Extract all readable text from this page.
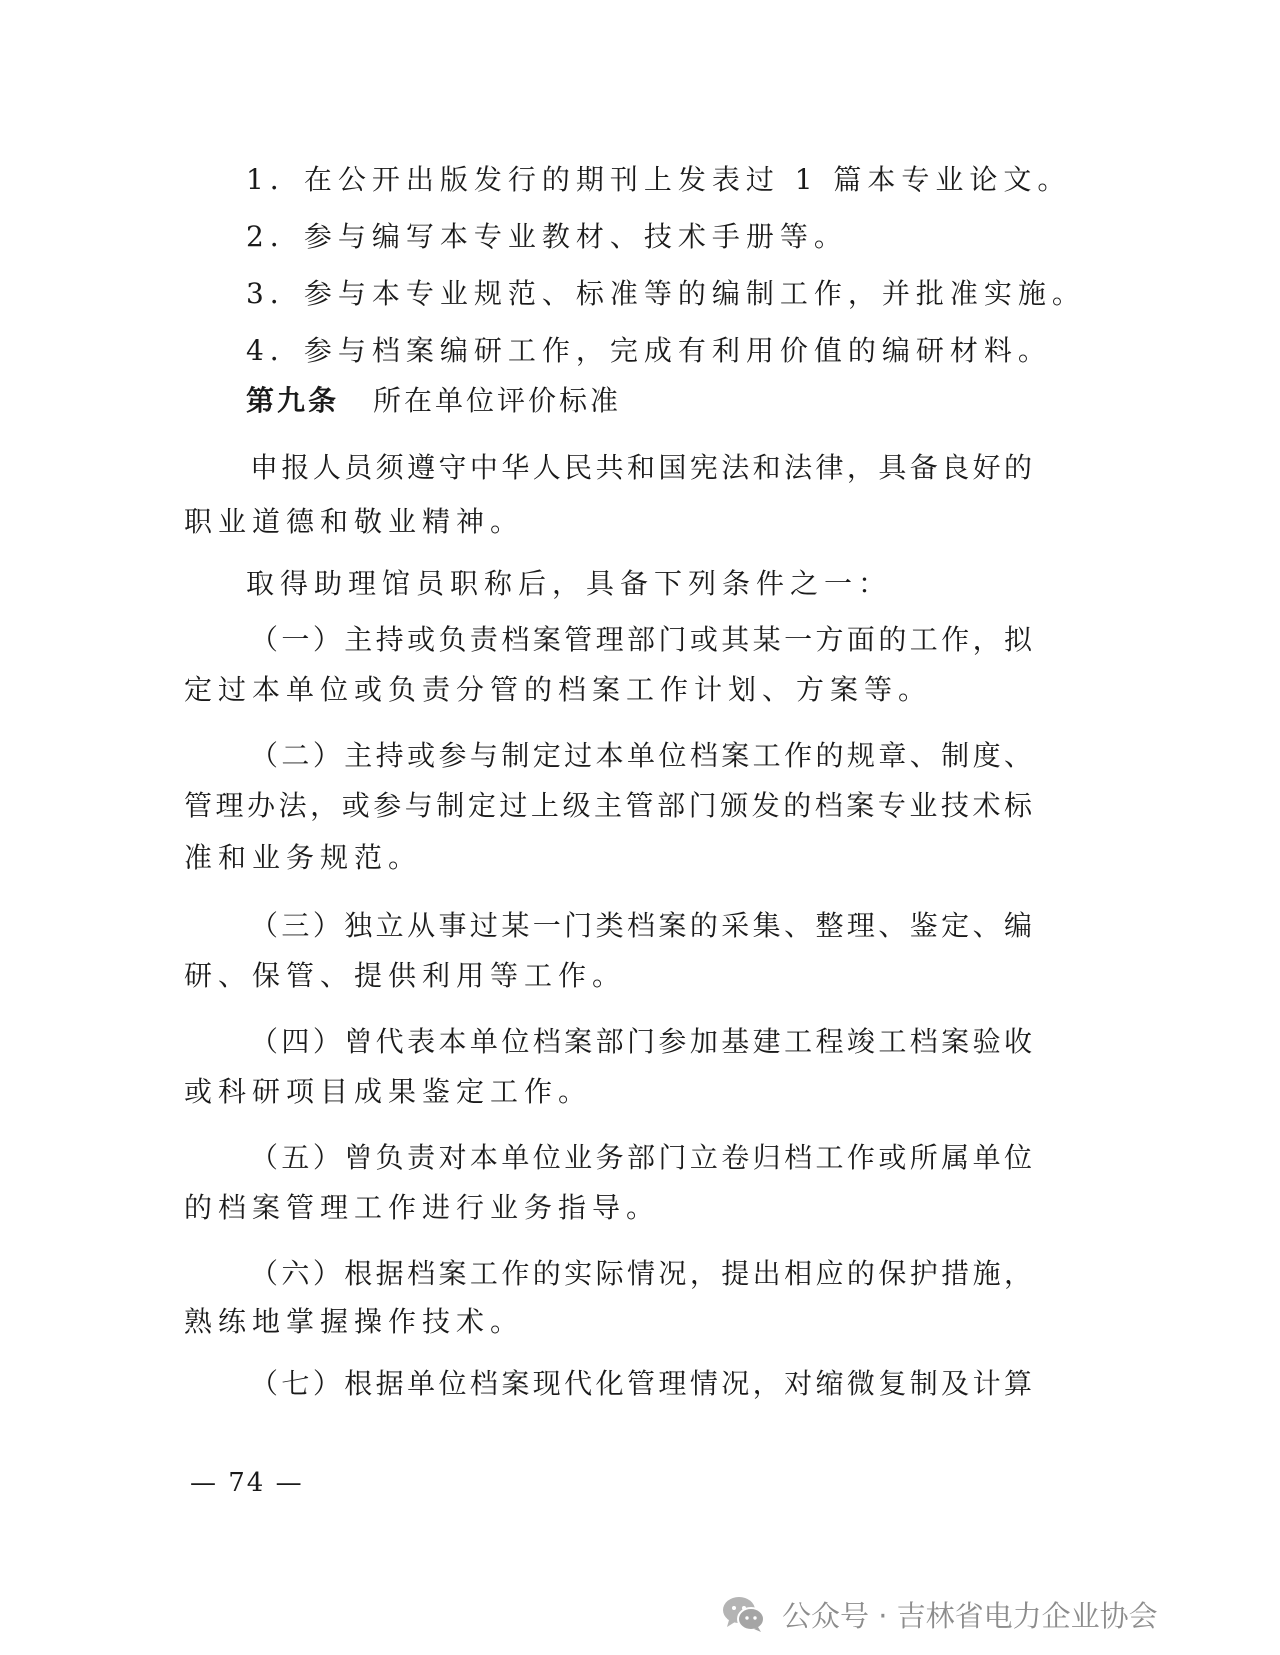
1．在公开出版发行的期刊上发表过 1 篇本专业论文。
2．参与编写本专业教材、技术手册等。
3．参与本专业规范、标准等的编制工作，并批准实施。
4．参与档案编研工作，完成有利用价值的编研材料。
第九条 所在单位评价标准
申报人员须遵守中华人民共和国宪法和法律，具备良好的
职业道德和敬业精神。
取得助理馆员职称后，具备下列条件之一：
（一）主持或负责档案管理部门或其某一方面的工作，拟
定过本单位或负责分管的档案工作计划、方案等。
（二）主持或参与制定过本单位档案工作的规章、制度、
管理办法，或参与制定过上级主管部门颁发的档案专业技术标
准和业务规范。
（三）独立从事过某一门类档案的采集、整理、鉴定、编
研、保管、提供利用等工作。
（四）曾代表本单位档案部门参加基建工程竣工档案验收
或科研项目成果鉴定工作。
（五）曾负责对本单位业务部门立卷归档工作或所属单位
的档案管理工作进行业务指导。
（六）根据档案工作的实际情况，提出相应的保护措施，
熟练地掌握操作技术。
（七）根据单位档案现代化管理情况，对缩微复制及计算
— 74 —
公众号 · 吉林省电力企业协会
